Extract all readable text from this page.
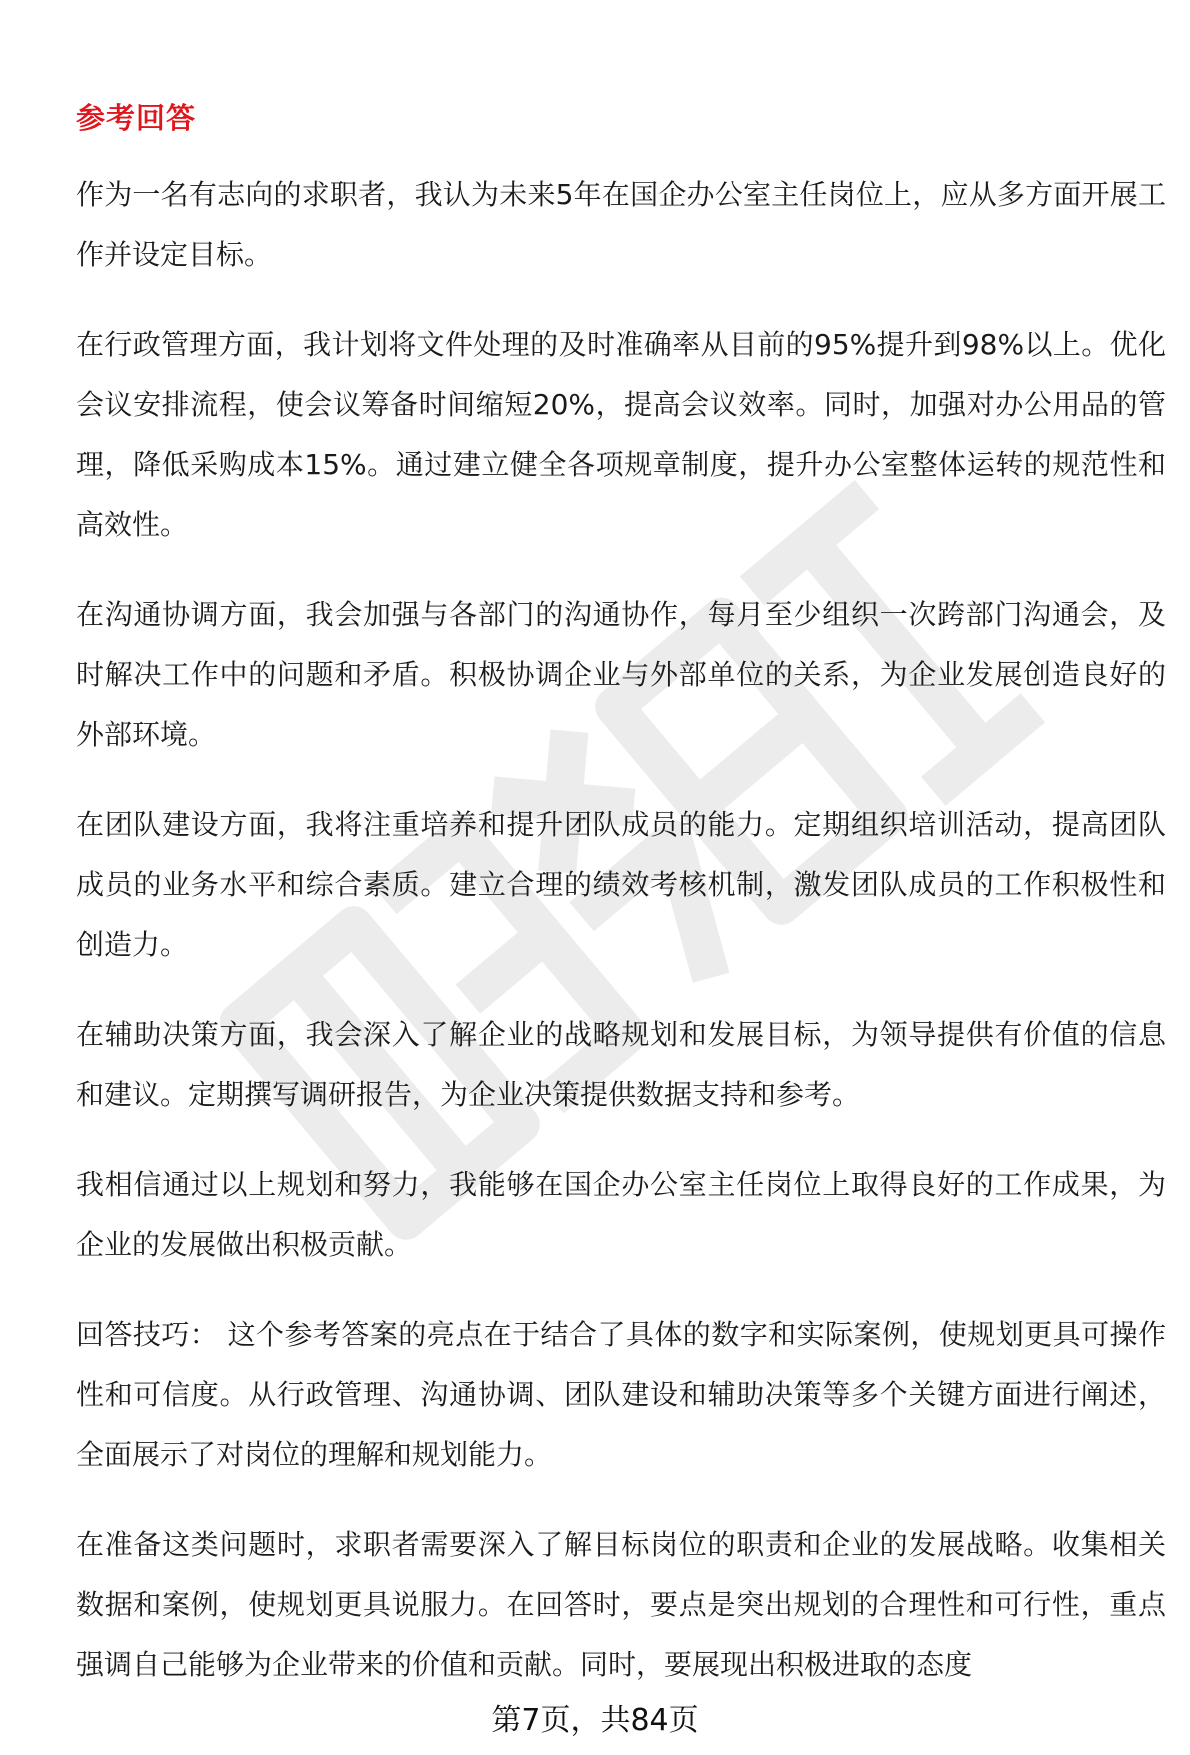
参考回答

作为一名有志向的求职者，我认为未来5年在国企办公室主任岗位上，应从多方面开展工作并设定目标。

在行政管理方面，我计划将文件处理的及时准确率从目前的95%提升到98%以上。优化会议安排流程，使会议筹备时间缩短20%，提高会议效率。同时，加强对办公用品的管理，降低采购成本15%。通过建立健全各项规章制度，提升办公室整体运转的规范性和高效性。

在沟通协调方面，我会加强与各部门的沟通协作，每月至少组织一次跨部门沟通会，及时解决工作中的问题和矛盾。积极协调企业与外部单位的关系，为企业发展创造良好的外部环境。

在团队建设方面，我将注重培养和提升团队成员的能力。定期组织培训活动，提高团队成员的业务水平和综合素质。建立合理的绩效考核机制，激发团队成员的工作积极性和创造力。

在辅助决策方面，我会深入了解企业的战略规划和发展目标，为领导提供有价值的信息和建议。定期撰写调研报告，为企业决策提供数据支持和参考。

我相信通过以上规划和努力，我能够在国企办公室主任岗位上取得良好的工作成果，为企业的发展做出积极贡献。

回答技巧： 这个参考答案的亮点在于结合了具体的数字和实际案例，使规划更具可操作性和可信度。从行政管理、沟通协调、团队建设和辅助决策等多个关键方面进行阐述，全面展示了对岗位的理解和规划能力。

在准备这类问题时，求职者需要深入了解目标岗位的职责和企业的发展战略。收集相关数据和案例，使规划更具说服力。在回答时，要点是突出规划的合理性和可行性，重点强调自己能够为企业带来的价值和贡献。同时，要展现出积极进取的态度

第7页，共84页
